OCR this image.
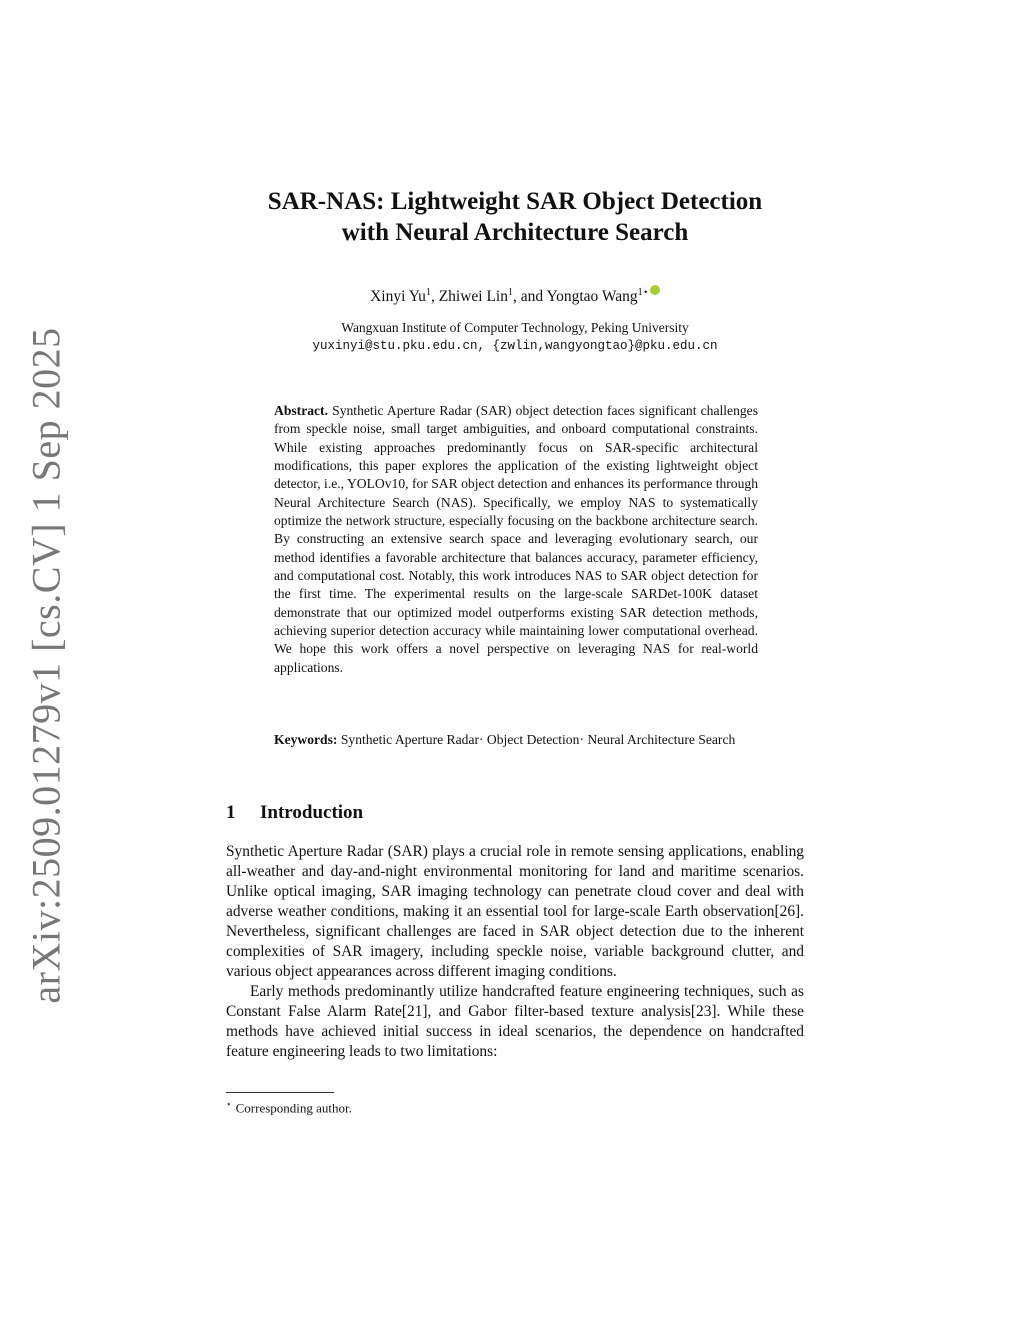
arXiv:2509.01279v1 [cs.CV] 1 Sep 2025
SAR-NAS: Lightweight SAR Object Detection
with Neural Architecture Search
Xinyi Yu$^1$, Zhiwei Lin$^1$, and Yongtao Wang$^{1⋆}$
Wangxuan Institute of Computer Technology, Peking University
yuxinyi@stu.pku.edu.cn, {zwlin,wangyongtao}@pku.edu.cn

Abstract. Synthetic Aperture Radar (SAR) object detection faces significant challenges from speckle noise, small target ambiguities, and onboard computational constraints. While existing approaches predominantly focus on SAR-specific architectural modifications, this paper explores the application of the existing lightweight object detector, i.e., YOLOv10, for SAR object detection and enhances its performance through Neural Architecture Search (NAS). Specifically, we employ NAS to systematically optimize the network structure, especially focusing on the backbone architecture search. By constructing an extensive search space and leveraging evolutionary search, our method identifies a favorable architecture that balances accuracy, parameter efficiency, and computational cost. Notably, this work introduces NAS to SAR object detection for the first time. The experimental results on the large-scale SARDet-100K dataset demonstrate that our optimized model outperforms existing SAR detection methods, achieving superior detection accuracy while maintaining lower computational overhead. We hope this work offers a novel perspective on leveraging NAS for real-world applications.

Keywords: Synthetic Aperture Radar· Object Detection· Neural Architecture Search
1 Introduction

Synthetic Aperture Radar (SAR) plays a crucial role in remote sensing applications, enabling all-weather and day-and-night environmental monitoring for land and maritime scenarios. Unlike optical imaging, SAR imaging technology can penetrate cloud cover and deal with adverse weather conditions, making it an essential tool for large-scale Earth observation[26]. Nevertheless, significant challenges are faced in SAR object detection due to the inherent complexities of SAR imagery, including speckle noise, variable background clutter, and various object appearances across different imaging conditions.

Early methods predominantly utilize handcrafted feature engineering techniques, such as Constant False Alarm Rate[21], and Gabor filter-based texture analysis[23]. While these methods have achieved initial success in ideal scenarios, the dependence on handcrafted feature engineering leads to two limitations:

⋆ Corresponding author.
